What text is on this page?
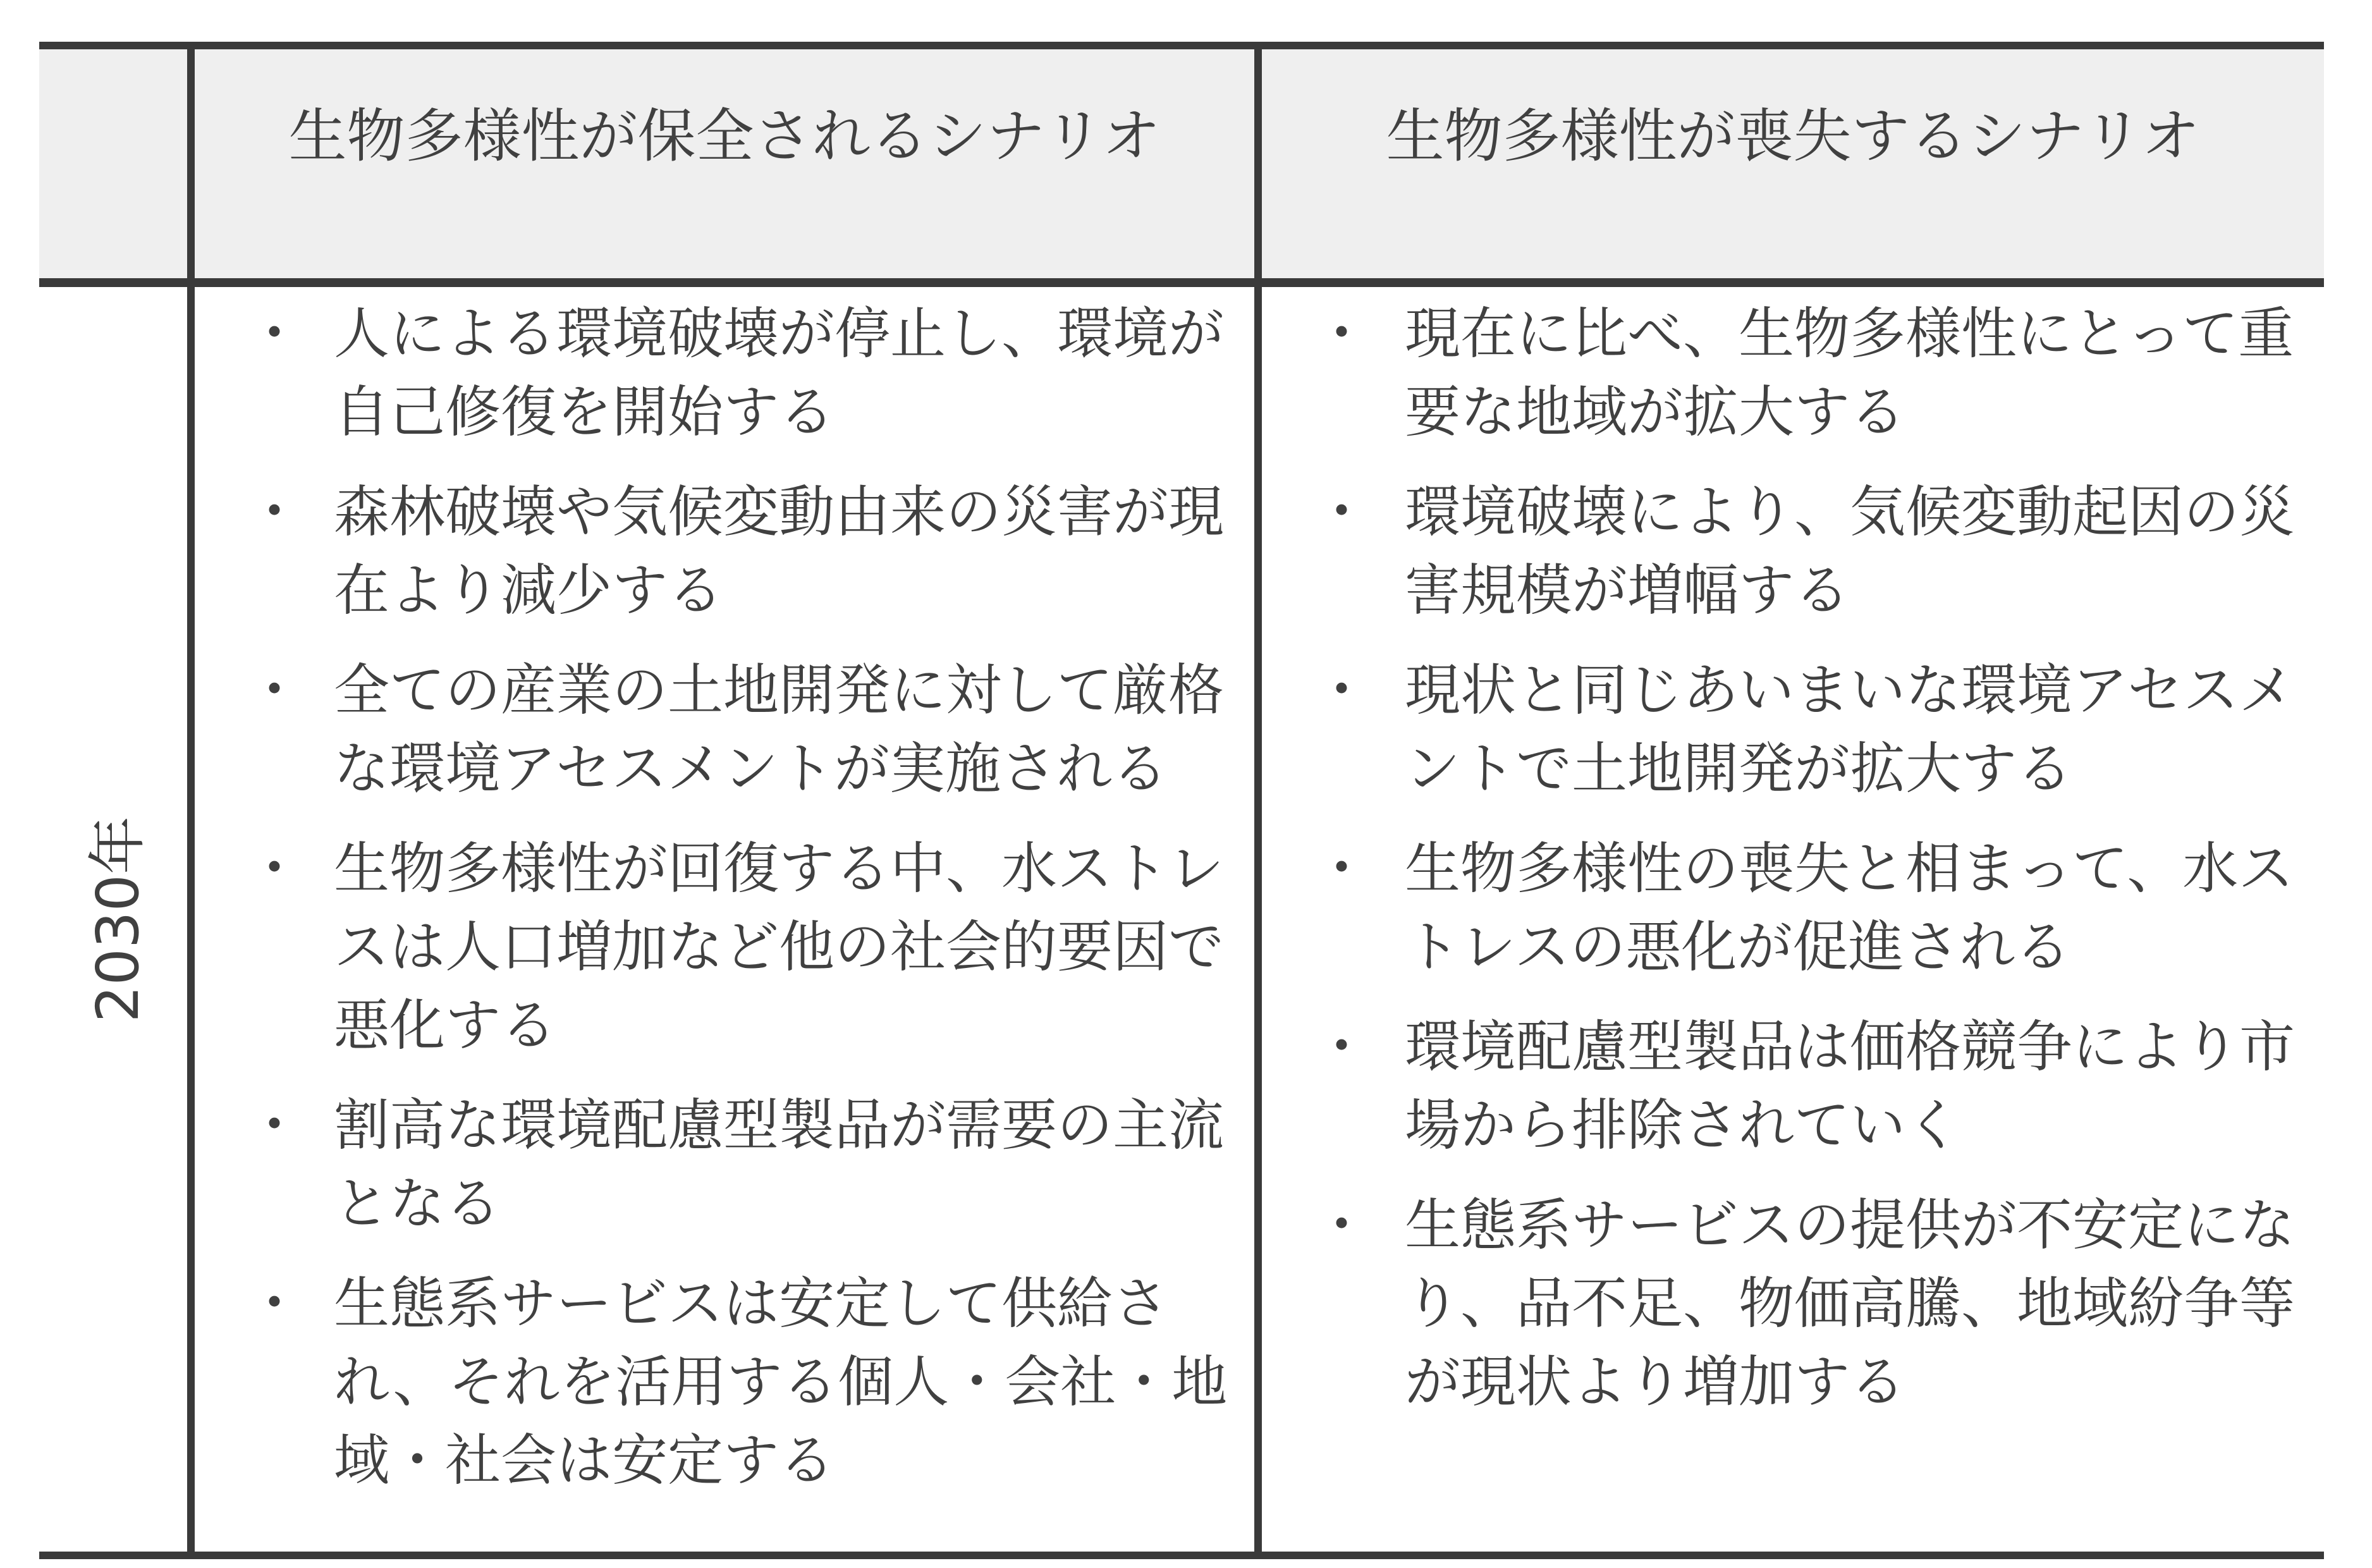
生物多様性が保全されるシナリオ	生物多様性が喪失するシナリオ
2030年
・ 人による環境破壊が停止し、環境が自己修復を開始する
・ 森林破壊や気候変動由来の災害が現在より減少する
・ 全ての産業の土地開発に対して厳格な環境アセスメントが実施される
・ 生物多様性が回復する中、水ストレスは人口増加など他の社会的要因で悪化する
・ 割高な環境配慮型製品が需要の主流となる
・ 生態系サービスは安定して供給され、それを活用する個人・会社・地域・社会は安定する
・ 現在に比べ、生物多様性にとって重要な地域が拡大する
・ 環境破壊により、気候変動起因の災害規模が増幅する
・ 現状と同じあいまいな環境アセスメントで土地開発が拡大する
・ 生物多様性の喪失と相まって、水ストレスの悪化が促進される
・ 環境配慮型製品は価格競争により市場から排除されていく
・ 生態系サービスの提供が不安定になり、品不足、物価高騰、地域紛争等が現状より増加する
